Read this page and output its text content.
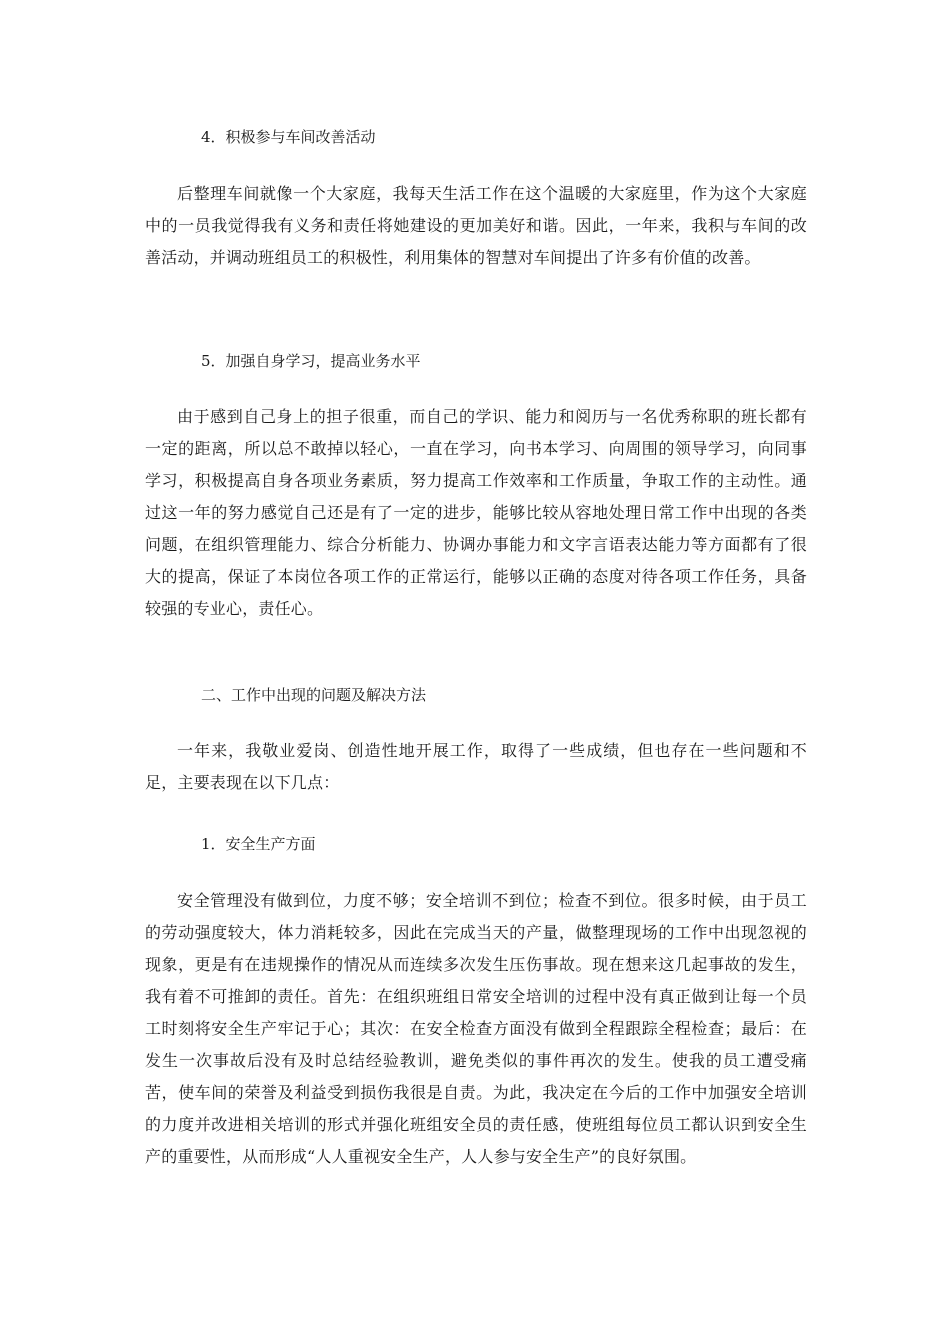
4．积极参与车间改善活动
后整理车间就像一个大家庭，我每天生活工作在这个温暖的大家庭里，作为这个大家庭中的一员我觉得我有义务和责任将她建设的更加美好和谐。因此，一年来，我积与车间的改善活动，并调动班组员工的积极性，利用集体的智慧对车间提出了许多有价值的改善。
5．加强自身学习，提高业务水平
由于感到自己身上的担子很重，而自己的学识、能力和阅历与一名优秀称职的班长都有一定的距离，所以总不敢掉以轻心，一直在学习，向书本学习、向周围的领导学习，向同事学习，积极提高自身各项业务素质，努力提高工作效率和工作质量，争取工作的主动性。通过这一年的努力感觉自己还是有了一定的进步，能够比较从容地处理日常工作中出现的各类问题，在组织管理能力、综合分析能力、协调办事能力和文字言语表达能力等方面都有了很大的提高，保证了本岗位各项工作的正常运行，能够以正确的态度对待各项工作任务，具备较强的专业心，责任心。
二、工作中出现的问题及解决方法
一年来，我敬业爱岗、创造性地开展工作，取得了一些成绩，但也存在一些问题和不足，主要表现在以下几点：
1．安全生产方面
安全管理没有做到位，力度不够；安全培训不到位；检查不到位。很多时候，由于员工的劳动强度较大，体力消耗较多，因此在完成当天的产量，做整理现场的工作中出现忽视的现象，更是有在违规操作的情况从而连续多次发生压伤事故。现在想来这几起事故的发生，我有着不可推卸的责任。首先：在组织班组日常安全培训的过程中没有真正做到让每一个员工时刻将安全生产牢记于心；其次：在安全检查方面没有做到全程跟踪全程检查；最后：在发生一次事故后没有及时总结经验教训，避免类似的事件再次的发生。使我的员工遭受痛苦，使车间的荣誉及利益受到损伤我很是自责。为此，我决定在今后的工作中加强安全培训的力度并改进相关培训的形式并强化班组安全员的责任感，使班组每位员工都认识到安全生产的重要性，从而形成“人人重视安全生产，人人参与安全生产”的良好氛围。
